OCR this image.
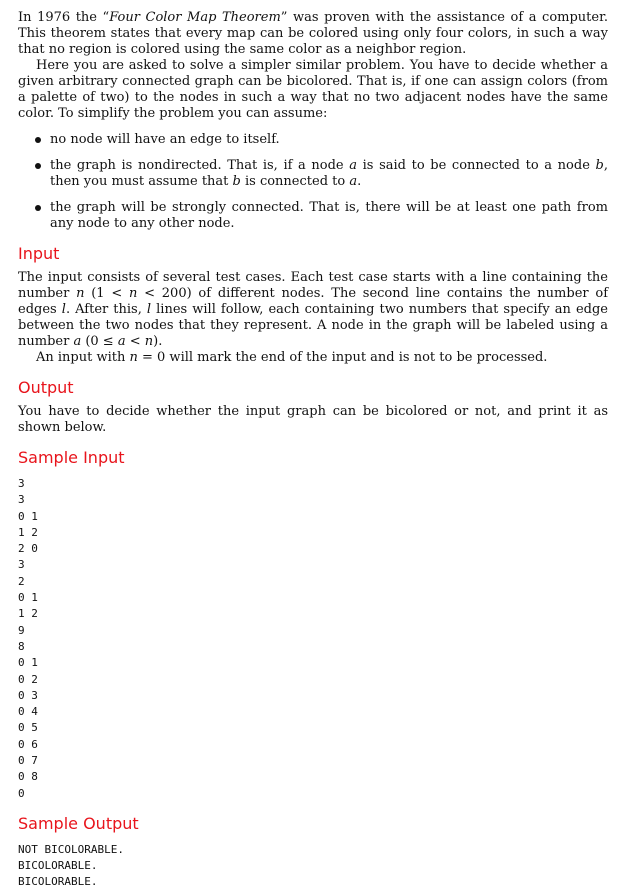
In 1976 the “Four Color Map Theorem” was proven with the assistance of a computer. This theorem states that every map can be colored using only four colors, in such a way that no region is colored using the same color as a neighbor region.

Here you are asked to solve a simpler similar problem. You have to decide whether a given arbitrary connected graph can be bicolored. That is, if one can assign colors (from a palette of two) to the nodes in such a way that no two adjacent nodes have the same color. To simplify the problem you can assume:

no node will have an edge to itself.
the graph is nondirected. That is, if a node a is said to be connected to a node b, then you must assume that b is connected to a.
the graph will be strongly connected. That is, there will be at least one path from any node to any other node.
Input

The input consists of several test cases. Each test case starts with a line containing the number n (1 < n < 200) of different nodes. The second line contains the number of edges l. After this, l lines will follow, each containing two numbers that specify an edge between the two nodes that they represent. A node in the graph will be labeled using a number a (0 ≤ a < n).

An input with n = 0 will mark the end of the input and is not to be processed.

Output

You have to decide whether the input graph can be bicolored or not, and print it as shown below.

Sample Input
3
3
0 1
1 2
2 0
3
2
0 1
1 2
9
8
0 1
0 2
0 3
0 4
0 5
0 6
0 7
0 8
0
Sample Output
NOT BICOLORABLE.
BICOLORABLE.
BICOLORABLE.
